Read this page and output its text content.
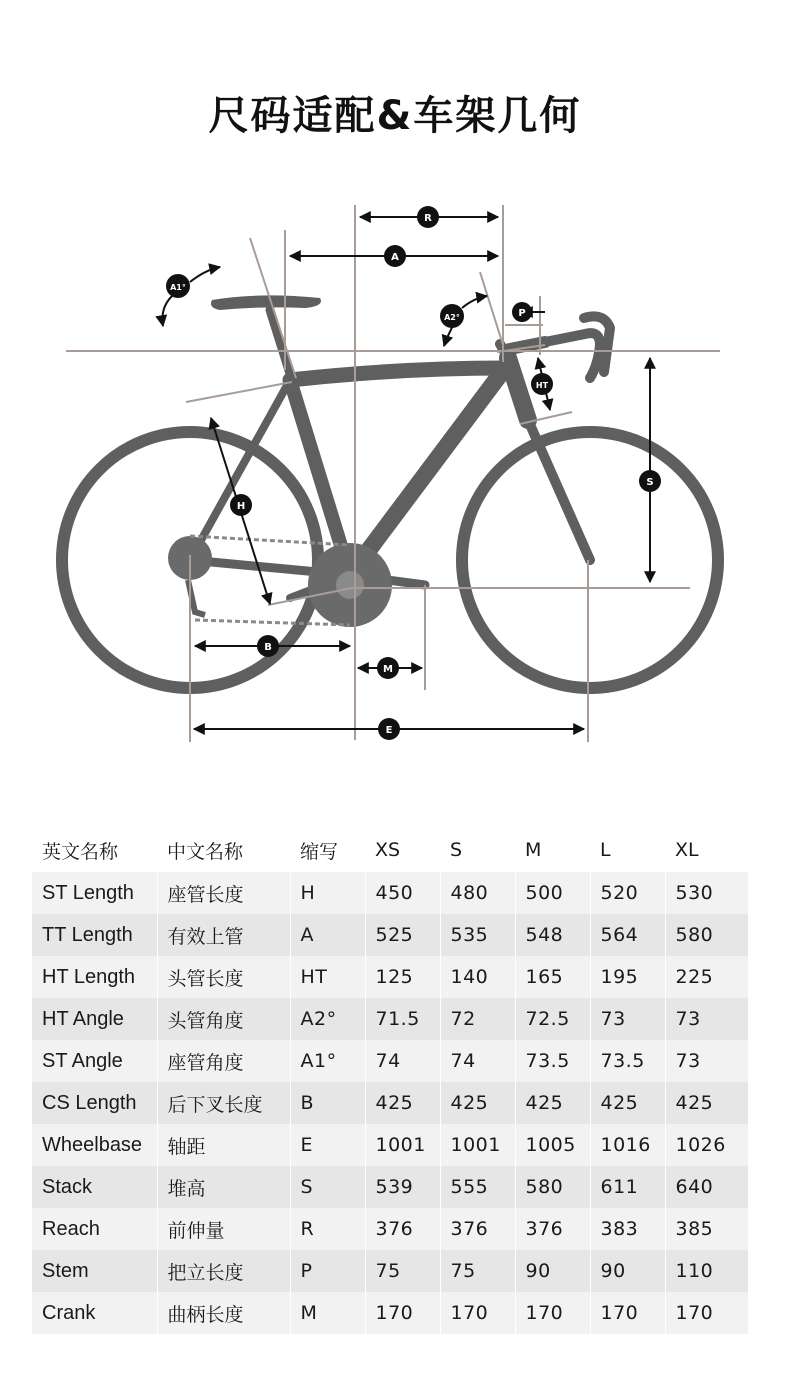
尺码适配&车架几何
R
A
A1°
A2°	P
HT
H
S
B
M
E
英文名称	中文名称	缩写	XS	S	M	L	XL
ST Length	座管长度	H	450	480	500	520	530
TT Length	有效上管	A	525	535	548	564	580
HT Length	头管长度	HT	125	140	165	195	225
HT Angle	头管角度	A2°	71.5	72	72.5	73	73
ST Angle	座管角度	A1°	74	74	73.5	73.5	73
CS Length	后下叉长度	B	425	425	425	425	425
Wheelbase	轴距	E	1001	1001	1005	1016	1026
Stack	堆高	S	539	555	580	611	640
Reach	前伸量	R	376	376	376	383	385
Stem	把立长度	P	75	75	90	90	110
Crank	曲柄长度	M	170	170	170	170	170
